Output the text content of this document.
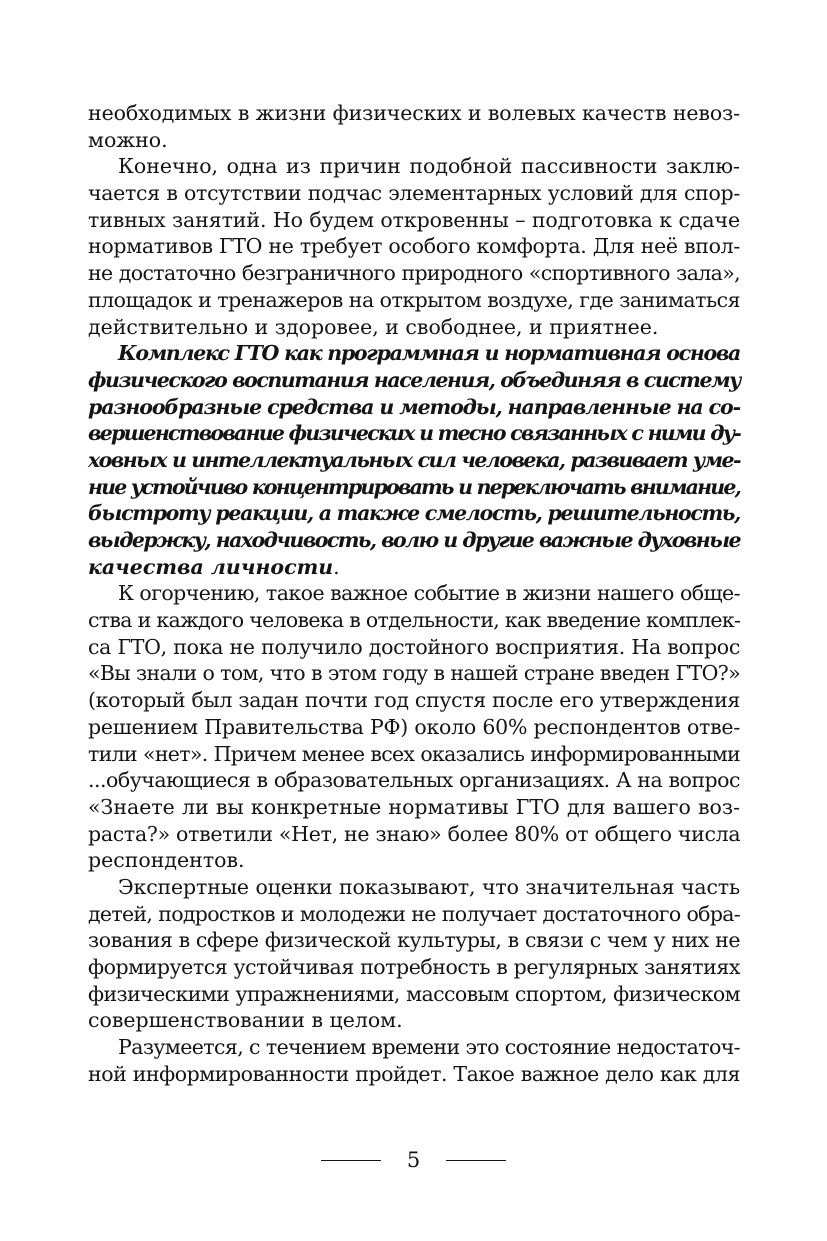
необходимых в жизни физических и волевых качеств невоз-
можно.
Конечно, одна из причин подобной пассивности заклю-
чается в отсутствии подчас элементарных условий для спор-
тивных занятий. Но будем откровенны – подготовка к сдаче
нормативов ГТО не требует особого комфорта. Для неё впол-
не достаточно безграничного природного «спортивного зала»,
площадок и тренажеров на открытом воздухе, где заниматься
действительно и здоровее, и свободнее, и приятнее.
Комплекс ГТО как программная и нормативная основа
физического воспитания населения, объединяя в систему
разнообразные средства и методы, направленные на со-
вершенствование физических и тесно связанных с ними ду-
ховных и интеллектуальных сил человека, развивает уме-
ние устойчиво концентрировать и переключать внимание,
быстроту реакции, а также смелость, решительность,
выдержку, находчивость, волю и другие важные духовные
качества личности.
К огорчению, такое важное событие в жизни нашего обще-
ства и каждого человека в отдельности, как введение комплек-
са ГТО, пока не получило достойного восприятия. На вопрос
«Вы знали о том, что в этом году в нашей стране введен ГТО?»
(который был задан почти год спустя после его утверждения
решением Правительства РФ) около 60% респондентов отве-
тили «нет». Причем менее всех оказались информированными
...обучающиеся в образовательных организациях. А на вопрос
«Знаете ли вы конкретные нормативы ГТО для вашего воз-
раста?» ответили «Нет, не знаю» более 80% от общего числа
респондентов.
Экспертные оценки показывают, что значительная часть
детей, подростков и молодежи не получает достаточного обра-
зования в сфере физической культуры, в связи с чем у них не
формируется устойчивая потребность в регулярных занятиях
физическими упражнениями, массовым спортом, физическом
совершенствовании в целом.
Разумеется, с течением времени это состояние недостаточ-
ной информированности пройдет. Такое важное дело как для
5
